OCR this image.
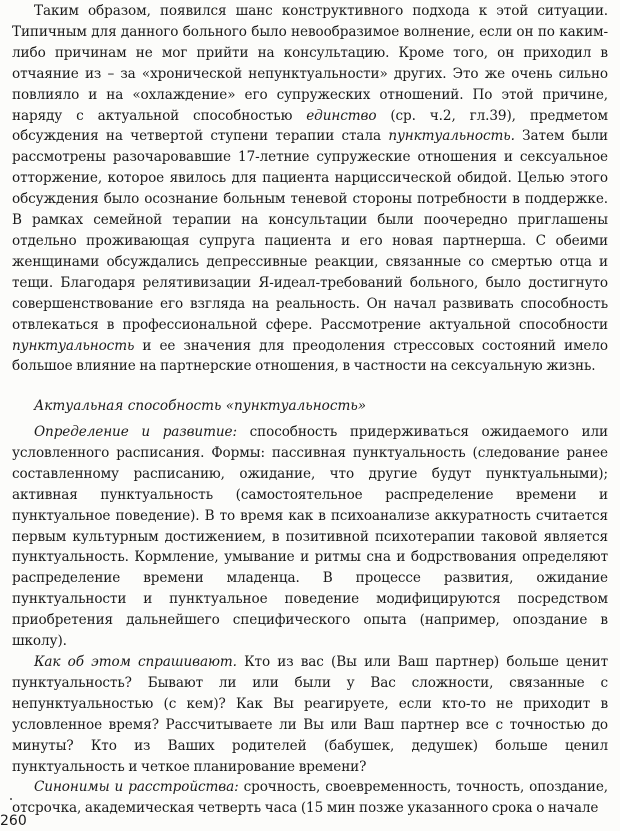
Таким образом, появился шанс конструктивного подхода к этой ситуации. Типичным для данного больного было невообразимое волнение, если он по каким-либо причинам не мог прийти на консультацию. Кроме того, он приходил в отчаяние из – за «хронической непунктуальности» других. Это же очень сильно повлияло и на «охлаждение» его супружеских отношений. По этой причине, наряду с актуальной способностью единство (ср. ч.2, гл.39), предметом обсуждения на четвертой ступени терапии стала пунктуальность. Затем были рассмотрены разочаровавшие 17-летние супружеские отношения и сексуальное отторжение, которое явилось для пациента нарциссической обидой. Целью этого обсуждения было осознание больным теневой стороны потребности в поддержке. В рамках семейной терапии на консультации были поочередно приглашены отдельно проживающая супруга пациента и его новая партнерша. С обеими женщинами обсуждались депрессивные реакции, связанные со смертью отца и тещи. Благодаря релятивизации Я-идеал-требований больного, было достигнуто совершенствование его взгляда на реальность. Он начал развивать способность отвлекаться в профессиональной сфере. Рассмотрение актуальной способности пунктуальность и ее значения для преодоления стрессовых состояний имело большое влияние на партнерские отношения, в частности на сексуальную жизнь.

Актуальная способность «пунктуальность»

Определение и развитие: способность придерживаться ожидаемого или условленного расписания. Формы: пассивная пунктуальность (следование ранее составленному расписанию, ожидание, что другие будут пунктуальными); активная пунктуальность (самостоятельное распределение времени и пунктуальное поведение). В то время как в психоанализе аккуратность считается первым культурным достижением, в позитивной психотерапии таковой является пунктуальность. Кормление, умывание и ритмы сна и бодрствования определяют распределение времени младенца. В процессе развития, ожидание пунктуальности и пунктуальное поведение модифицируются посредством приобретения дальнейшего специфического опыта (например, опоздание в школу).

Как об этом спрашивают. Кто из вас (Вы или Ваш партнер) больше ценит пунктуальность? Бывают ли или были у Вас сложности, связанные с непунктуальностью (с кем)? Как Вы реагируете, если кто-то не приходит в условленное время? Рассчитываете ли Вы или Ваш партнер все с точностью до минуты? Кто из Ваших родителей (бабушек, дедушек) больше ценил пунктуальность и четкое планирование времени?

Синонимы и расстройства: срочность, своевременность, точность, опоздание, отсрочка, академическая четверть часа (15 мин позже указанного срока о начале

260
